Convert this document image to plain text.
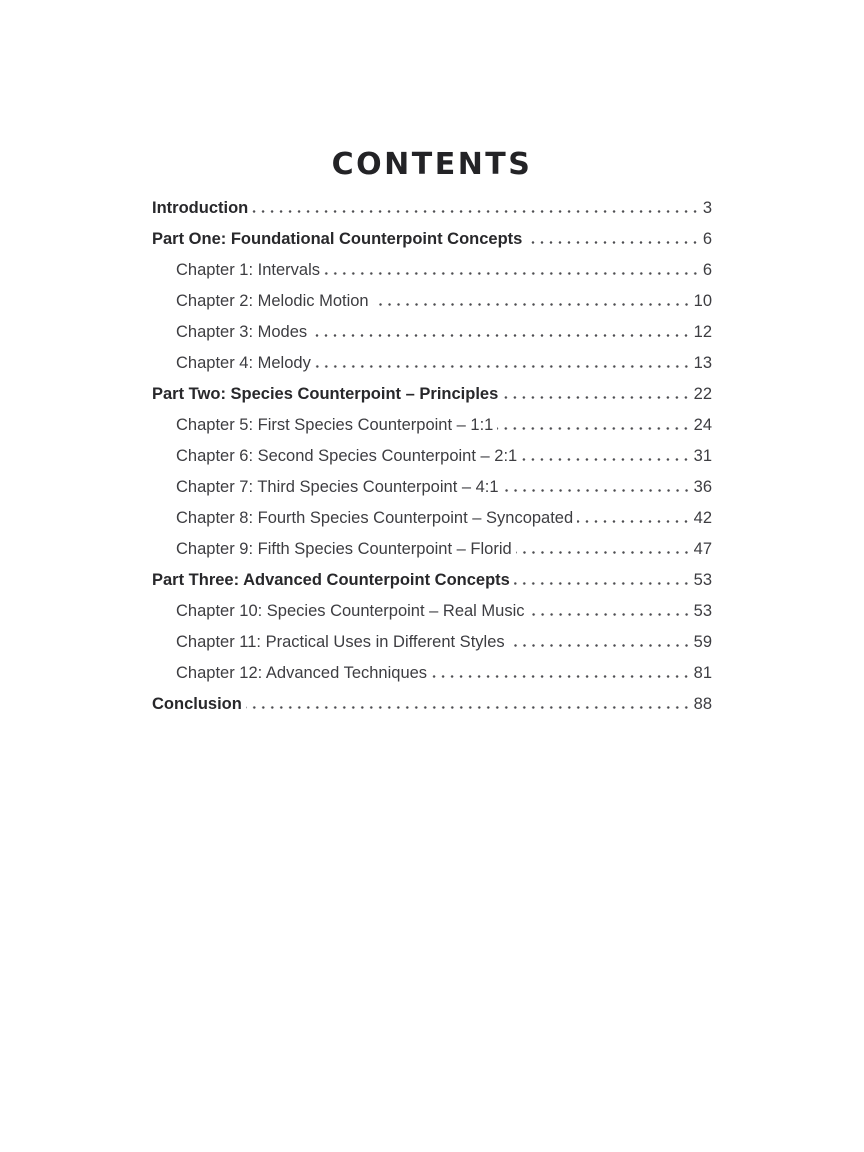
CONTENTS
Introduction	3
Part One: Foundational Counterpoint Concepts	6
Chapter 1: Intervals	6
Chapter 2: Melodic Motion	10
Chapter 3: Modes	12
Chapter 4: Melody	13
Part Two: Species Counterpoint – Principles	22
Chapter 5: First Species Counterpoint – 1:1	24
Chapter 6: Second Species Counterpoint – 2:1	31
Chapter 7: Third Species Counterpoint – 4:1	36
Chapter 8: Fourth Species Counterpoint – Syncopated	42
Chapter 9: Fifth Species Counterpoint – Florid	47
Part Three: Advanced Counterpoint Concepts	53
Chapter 10: Species Counterpoint – Real Music	53
Chapter 11: Practical Uses in Different Styles	59
Chapter 12: Advanced Techniques	81
Conclusion	88
